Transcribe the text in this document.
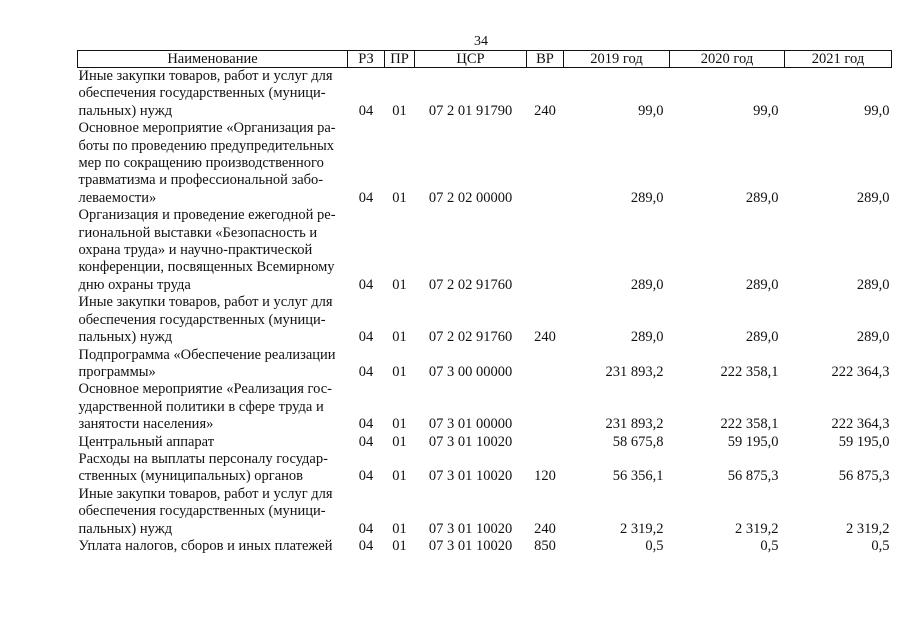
34
Наименование	РЗ	ПР	ЦСР	ВР	2019 год	2020 год	2021 год

Иные закупки товаров, работ и услуг для
обеспечения государственных (муници-
пальных) нужд	04	01	07 2 01 91790	240	99,0	99,0	99,0

Основное мероприятие «Организация ра-
боты по проведению предупредительных
мер по сокращению производственного
травматизма и профессиональной забо-
леваемости»	04	01	07 2 02 00000		289,0	289,0	289,0

Организация и проведение ежегодной ре-
гиональной выставки «Безопасность и
охрана труда» и научно-практической
конференции, посвященных Всемирному
дню охраны труда	04	01	07 2 02 91760		289,0	289,0	289,0

Иные закупки товаров, работ и услуг для
обеспечения государственных (муници-
пальных) нужд	04	01	07 2 02 91760	240	289,0	289,0	289,0

Подпрограмма «Обеспечение реализации
программы»	04	01	07 3 00 00000		231 893,2	222 358,1	222 364,3

Основное мероприятие «Реализация гос-
ударственной политики в сфере труда и
занятости населения»	04	01	07 3 01 00000		231 893,2	222 358,1	222 364,3

Центральный аппарат	04	01	07 3 01 10020		58 675,8	59 195,0	59 195,0

Расходы на выплаты персоналу государ-
ственных (муниципальных) органов	04	01	07 3 01 10020	120	56 356,1	56 875,3	56 875,3

Иные закупки товаров, работ и услуг для
обеспечения государственных (муници-
пальных) нужд	04	01	07 3 01 10020	240	2 319,2	2 319,2	2 319,2

Уплата налогов, сборов и иных платежей	04	01	07 3 01 10020	850	0,5	0,5	0,5
